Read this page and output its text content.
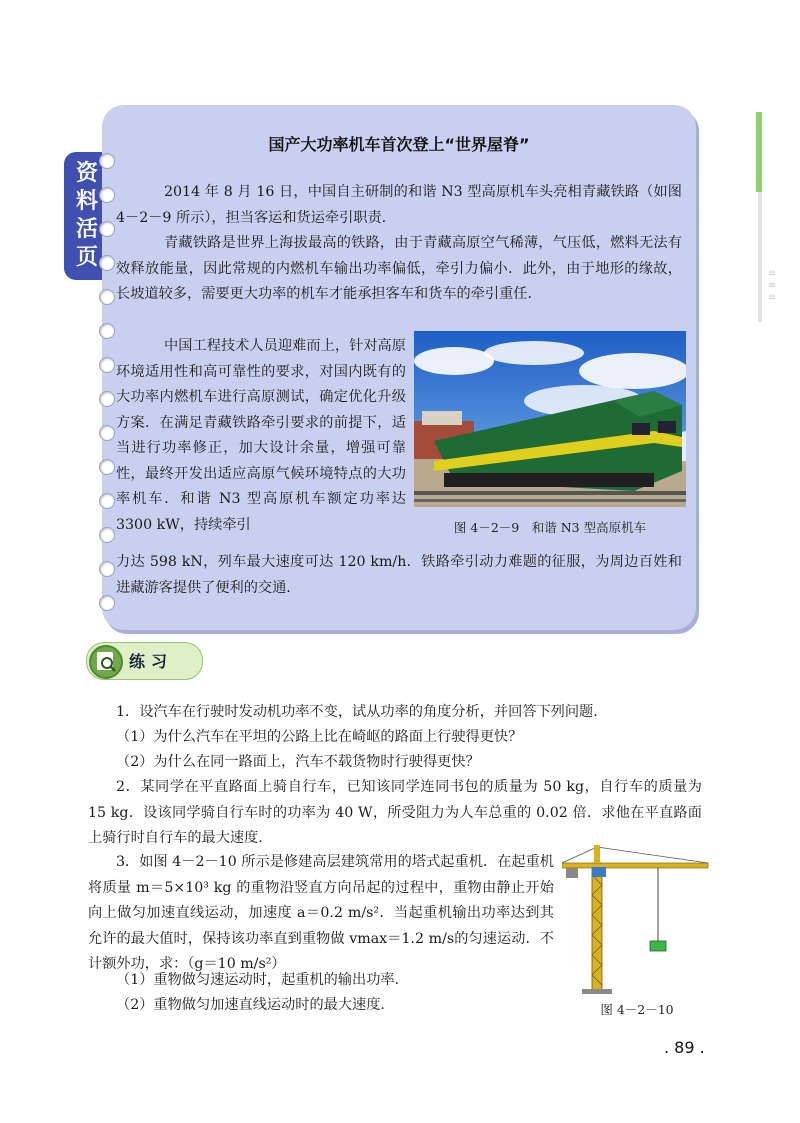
≡
≡
≡
资
料
活
页
国产大功率机车首次登上“世界屋脊”
2014 年 8 月 16 日，中国自主研制的和谐 N3 型高原机车头亮相青藏铁路（如图 4－2－9 所示），担当客运和货运牵引职责.
青藏铁路是世界上海拔最高的铁路，由于青藏高原空气稀薄，气压低，燃料无法有效释放能量，因此常规的内燃机车输出功率偏低，牵引力偏小．此外，由于地形的缘故，长坡道较多，需要更大功率的机车才能承担客车和货车的牵引重任.
中国工程技术人员迎难而上，针对高原环境适用性和高可靠性的要求，对国内既有的大功率内燃机车进行高原测试，确定优化升级方案．在满足青藏铁路牵引要求的前提下，适当进行功率修正，加大设计余量，增强可靠性，最终开发出适应高原气候环境特点的大功率机车．和谐 N3 型高原机车额定功率达 3300 kW，持续牵引
力达 598 kN，列车最大速度可达 120 km/h．铁路牵引动力难题的征服，为周边百姓和进藏游客提供了便利的交通.
图 4－2－9　和谐 N3 型高原机车
练习
1．设汽车在行驶时发动机功率不变，试从功率的角度分析，并回答下列问题.
（1）为什么汽车在平坦的公路上比在崎岖的路面上行驶得更快？
（2）为什么在同一路面上，汽车不载货物时行驶得更快？
2．某同学在平直路面上骑自行车，已知该同学连同书包的质量为 50 kg，自行车的质量为 15 kg．设该同学骑自行车时的功率为 40 W，所受阻力为人车总重的 0.02 倍．求他在平直路面上骑行时自行车的最大速度.
3．如图 4－2－10 所示是修建高层建筑常用的塔式起重机．在起重机将质量 m＝5×10³ kg 的重物沿竖直方向吊起的过程中，重物由静止开始向上做匀加速直线运动，加速度 a＝0.2 m/s²．当起重机输出功率达到其允许的最大值时，保持该功率直到重物做 vmax＝1.2 m/s的匀速运动．不计额外功，求：（g＝10 m/s²）
（1）重物做匀速运动时，起重机的输出功率.
（2）重物做匀加速直线运动时的最大速度.	图 4－2－10
. 89 .
